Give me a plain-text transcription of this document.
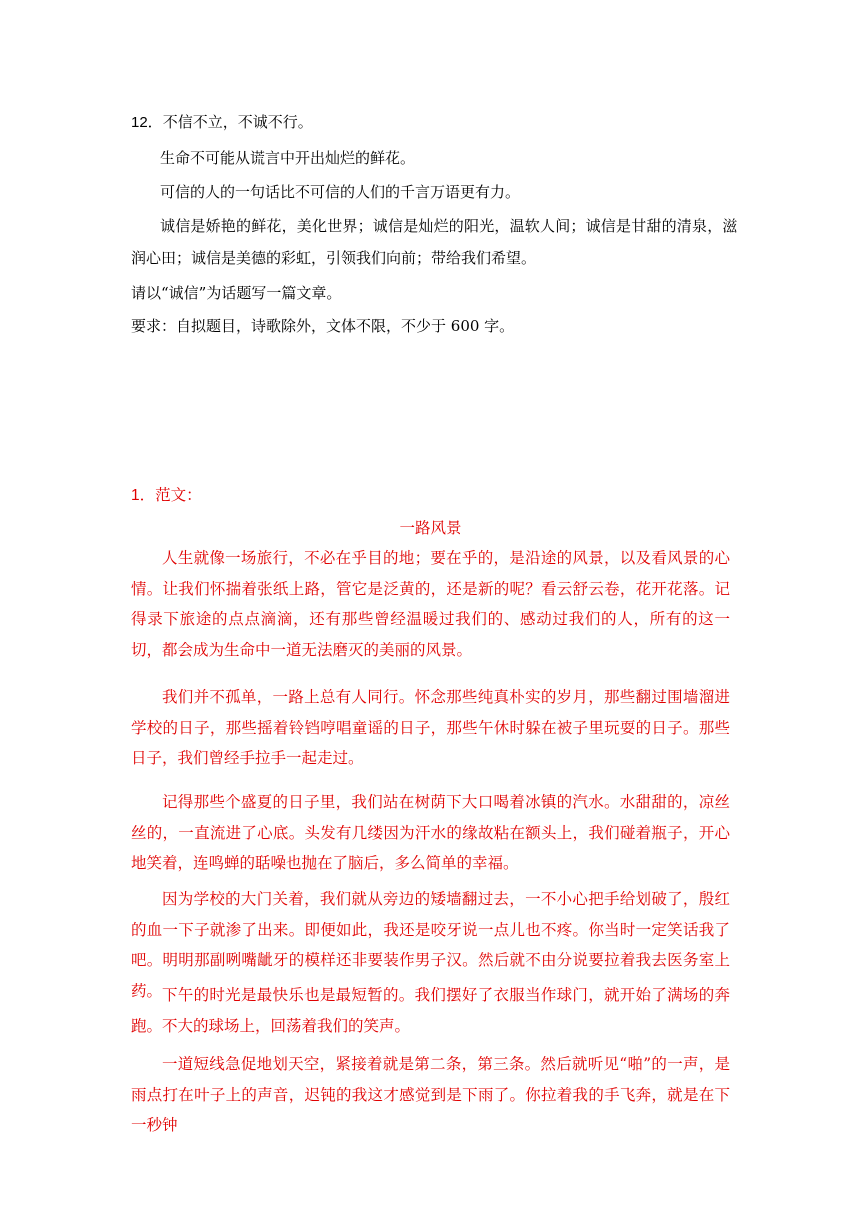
12．不信不立，不诚不行。
生命不可能从谎言中开出灿烂的鲜花。
可信的人的一句话比不可信的人们的千言万语更有力。
诚信是娇艳的鲜花，美化世界；诚信是灿烂的阳光，温软人间；诚信是甘甜的清泉，滋
润心田；诚信是美德的彩虹，引领我们向前；带给我们希望。
请以“诚信”为话题写一篇文章。
要求：自拟题目，诗歌除外，文体不限，不少于 600 字。
1．范文：
一路风景
人生就像一场旅行，不必在乎目的地；要在乎的，是沿途的风景，以及看风景的心情。让我们怀揣着张纸上路，管它是泛黄的，还是新的呢？看云舒云卷，花开花落。记得录下旅途的点点滴滴，还有那些曾经温暖过我们的、感动过我们的人，所有的这一切，都会成为生命中一道无法磨灭的美丽的风景。
我们并不孤单，一路上总有人同行。怀念那些纯真朴实的岁月，那些翻过围墙溜进学校的日子，那些摇着铃铛哼唱童谣的日子，那些午休时躲在被子里玩耍的日子。那些日子，我们曾经手拉手一起走过。
记得那些个盛夏的日子里，我们站在树荫下大口喝着冰镇的汽水。水甜甜的，凉丝丝的，一直流进了心底。头发有几缕因为汗水的缘故粘在额头上，我们碰着瓶子，开心地笑着，连鸣蝉的聒噪也抛在了脑后，多么简单的幸福。
因为学校的大门关着，我们就从旁边的矮墙翻过去，一不小心把手给划破了，殷红的血一下子就渗了出来。即便如此，我还是咬牙说一点儿也不疼。你当时一定笑话我了吧。明明那副咧嘴龇牙的模样还非要装作男子汉。然后就不由分说要拉着我去医务室上药。 下午的时光是最快乐也是最短暂的。我们摆好了衣服当作球门，就开始了满场的奔跑。不大的球场上，回荡着我们的笑声。
一道短线急促地划天空，紧接着就是第二条，第三条。然后就听见“啪”的一声，是雨点打在叶子上的声音，迟钝的我这才感觉到是下雨了。你拉着我的手飞奔，就是在下一秒钟
